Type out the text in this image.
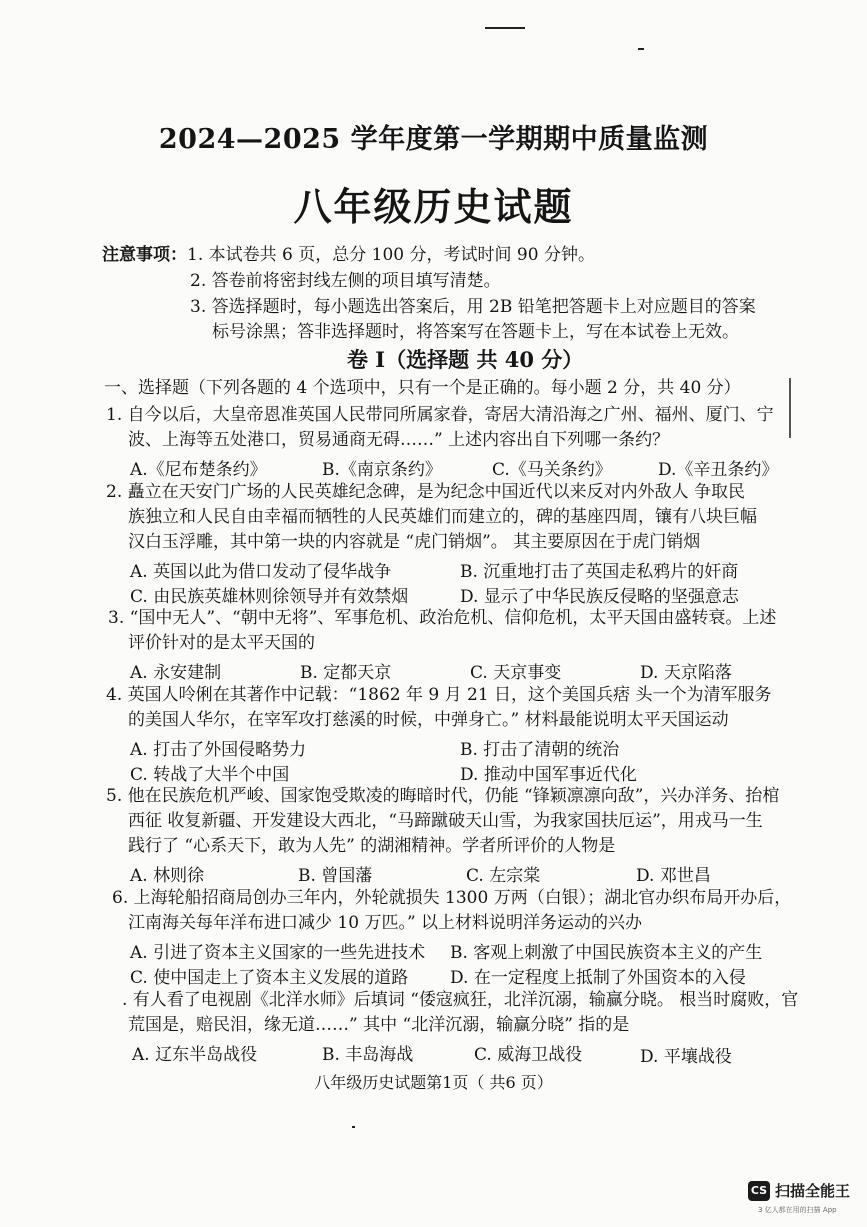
2024—2025 学年度第一学期期中质量监测
八年级历史试题
注意事项：1. 本试卷共 6 页，总分 100 分，考试时间 90 分钟。
2. 答卷前将密封线左侧的项目填写清楚。
3. 答选择题时，每小题选出答案后，用 2B 铅笔把答题卡上对应题目的答案
标号涂黑；答非选择题时，将答案写在答题卡上，写在本试卷上无效。
卷 I（选择题 共 40 分）
一、选择题（下列各题的 4 个选项中，只有一个是正确的。每小题 2 分，共 40 分）
1. 自今以后，大皇帝恩准英国人民带同所属家眷，寄居大清沿海之广州、福州、厦门、宁
波、上海等五处港口，贸易通商无碍……” 上述内容出自下列哪一条约？
A.《尼布楚条约》	B.《南京条约》	C.《马关条约》	D.《辛丑条约》
2. 矗立在天安门广场的人民英雄纪念碑，是为纪念中国近代以来反对内外敌人 争取民
族独立和人民自由幸福而牺牲的人民英雄们而建立的，碑的基座四周，镶有八块巨幅
汉白玉浮雕，其中第一块的内容就是 “虎门销烟”。 其主要原因在于虎门销烟
A. 英国以此为借口发动了侵华战争	B. 沉重地打击了英国走私鸦片的奸商
C. 由民族英雄林则徐领导并有效禁烟	D. 显示了中华民族反侵略的坚强意志
3. “国中无人”、“朝中无将”、军事危机、政治危机、信仰危机，太平天国由盛转衰。上述
评价针对的是太平天国的
A. 永安建制	B. 定都天京	C. 天京事变	D. 天京陷落
4. 英国人呤俐在其著作中记载：“1862 年 9 月 21 日，这个美国兵痞 头一个为清军服务
的美国人华尔，在宰军攻打慈溪的时候，中弹身亡。” 材料最能说明太平天国运动
A. 打击了外国侵略势力	B. 打击了清朝的统治
C. 转战了大半个中国	D. 推动中国军事近代化
5. 他在民族危机严峻、国家饱受欺凌的晦暗时代，仍能 “锋颖凛凛向敌”，兴办洋务、抬棺
西征 收复新疆、开发建设大西北，“马蹄蹴破天山雪，为我家国扶厄运”，用戎马一生
践行了 “心系天下，敢为人先” 的湖湘精神。学者所评价的人物是
A. 林则徐	B. 曾国藩	C. 左宗棠	D. 邓世昌
6. 上海轮船招商局创办三年内，外轮就损失 1300 万两（白银）；湖北官办织布局开办后，
江南海关每年洋布进口减少 10 万匹。” 以上材料说明洋务运动的兴办
A. 引进了资本主义国家的一些先进技术 B. 客观上刺激了中国民族资本主义的产生
C. 使中国走上了资本主义发展的道路 D. 在一定程度上抵制了外国资本的入侵
. 有人看了电视剧《北洋水师》后填词 “倭寇疯狂，北洋沉溺，输赢分晓。 根当时腐败，官
荒国是，赔民泪，缘无道……” 其中 “北洋沉溺，输赢分晓” 指的是
A. 辽东半岛战役	B. 丰岛海战	C. 威海卫战役	D. 平壤战役
八年级历史试题第1页（ 共6 页）
CS 扫描全能王
3 亿人都在用的扫描 App
